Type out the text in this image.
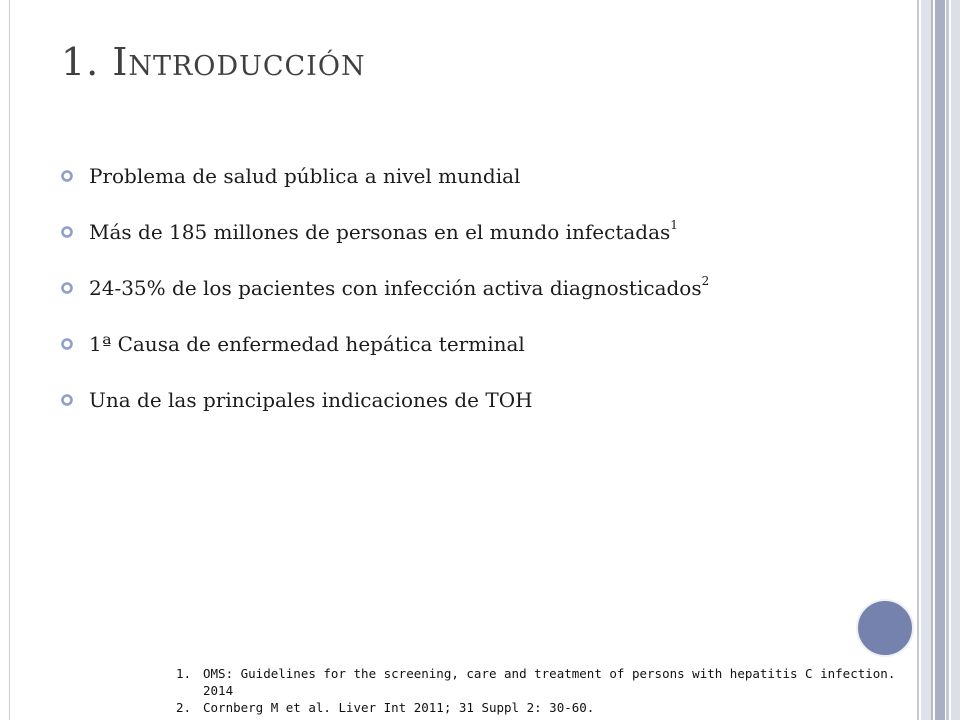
1. Introducción
Problema de salud pública a nivel mundial
Más de 185 millones de personas en el mundo infectadas$^1$
24-35% de los pacientes con infección activa diagnosticados$^2$
1ª Causa de enfermedad hepática terminal
Una de las principales indicaciones de TOH
1. OMS: Guidelines for the screening, care and treatment of persons with hepatitis C infection.
2014
2. Cornberg M et al. Liver Int 2011; 31 Suppl 2: 30-60.
